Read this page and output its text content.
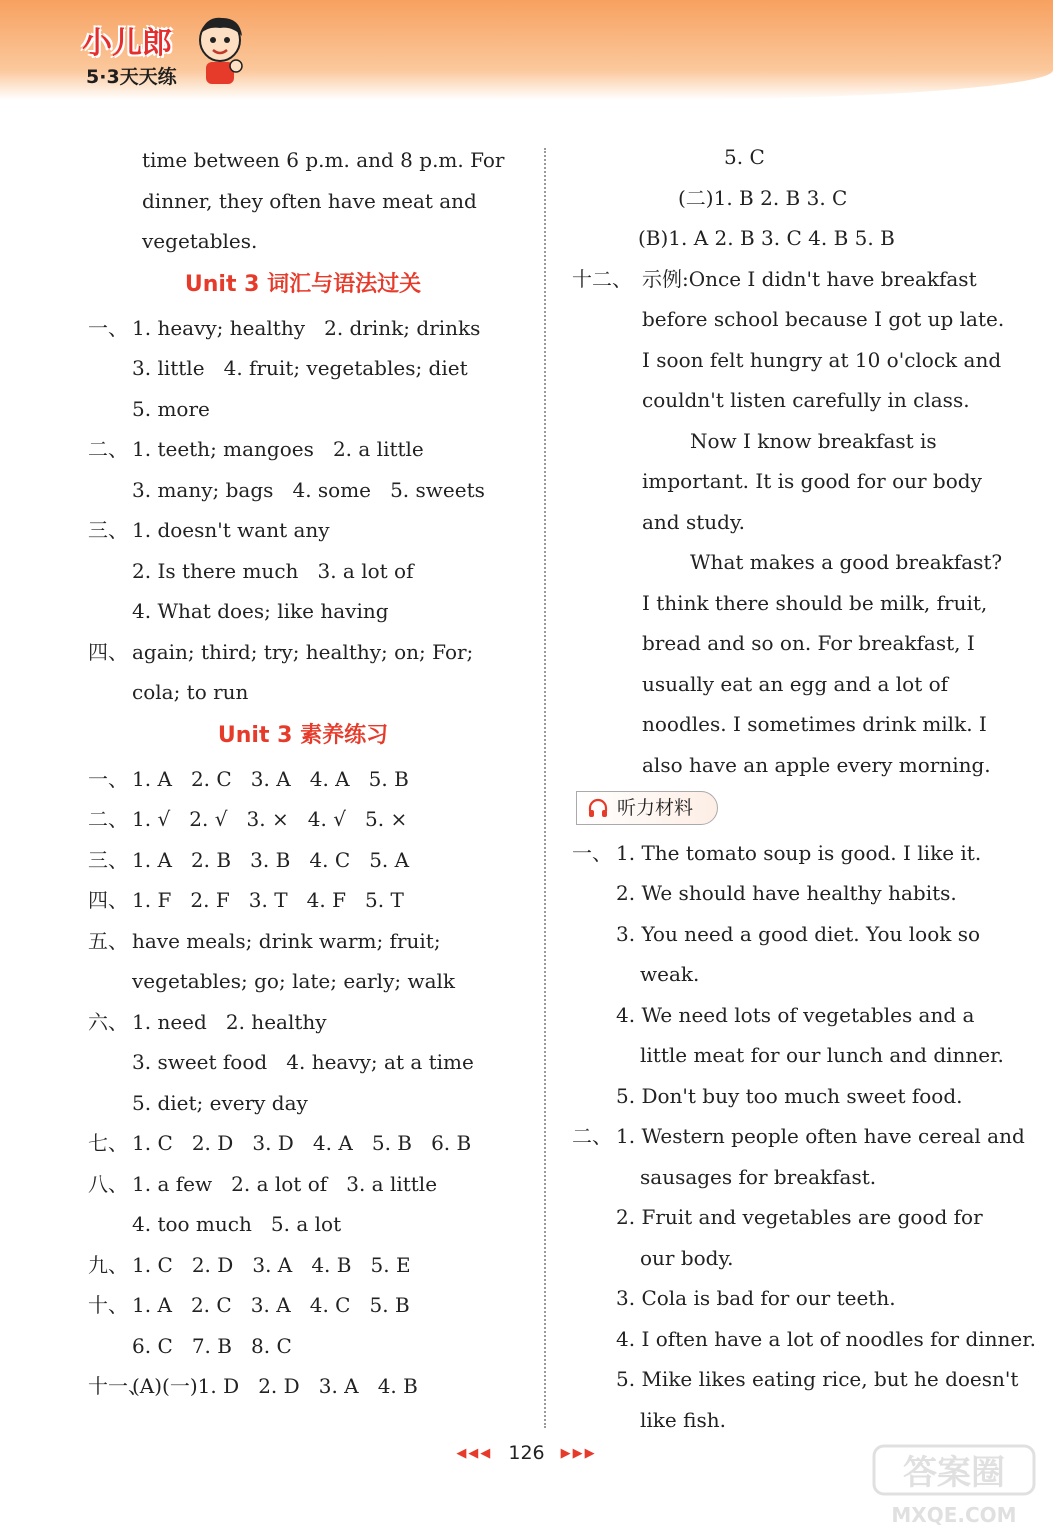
小儿郎
5·3天天练
time between 6 p.m. and 8 p.m. For
dinner, they often have meat and
vegetables.
Unit 3 词汇与语法过关
一、 1. heavy; healthy   2. drink; drinks
3. little   4. fruit; vegetables; diet
5. more
二、 1. teeth; mangoes   2. a little
3. many; bags   4. some   5. sweets
三、 1. doesn't want any
2. Is there much   3. a lot of
4. What does; like having
四、 again; third; try; healthy; on; For;
cola; to run
Unit 3 素养练习
一、 1. A   2. C   3. A   4. A   5. B
二、 1. √   2. √   3. ×   4. √   5. ×
三、 1. A   2. B   3. B   4. C   5. A
四、 1. F   2. F   3. T   4. F   5. T
五、 have meals; drink warm; fruit;
vegetables; go; late; early; walk
六、 1. need   2. healthy
3. sweet food   4. heavy; at a time
5. diet; every day
七、 1. C   2. D   3. D   4. A   5. B   6. B
八、 1. a few   2. a lot of   3. a little
4. too much   5. a lot
九、 1. C   2. D   3. A   4. B   5. E
十、 1. A   2. C   3. A   4. C   5. B
6. C   7. B   8. C
十一、(A)(一)1. D   2. D   3. A   4. B
5. C
(二)1. B 2. B 3. C
(B)1. A 2. B 3. C 4. B 5. B
十二、 示例:Once I didn't have breakfast
before school because I got up late.
I soon felt hungry at 10 o'clock and
couldn't listen carefully in class.
Now I know breakfast is
important. It is good for our body
and study.
What makes a good breakfast?
I think there should be milk, fruit,
bread and so on. For breakfast, I
usually eat an egg and a lot of
noodles. I sometimes drink milk. I
also have an apple every morning.
听力材料
一、 1. The tomato soup is good. I like it.
2. We should have healthy habits.
3. You need a good diet. You look so
weak.
4. We need lots of vegetables and a
little meat for our lunch and dinner.
5. Don't buy too much sweet food.
二、 1. Western people often have cereal and
sausages for breakfast.
2. Fruit and vegetables are good for
our body.
3. Cola is bad for our teeth.
4. I often have a lot of noodles for dinner.
5. Mike likes eating rice, but he doesn't
like fish.
◀◀◀ 126 ▶▶▶	答案圈
MXQE.COM
